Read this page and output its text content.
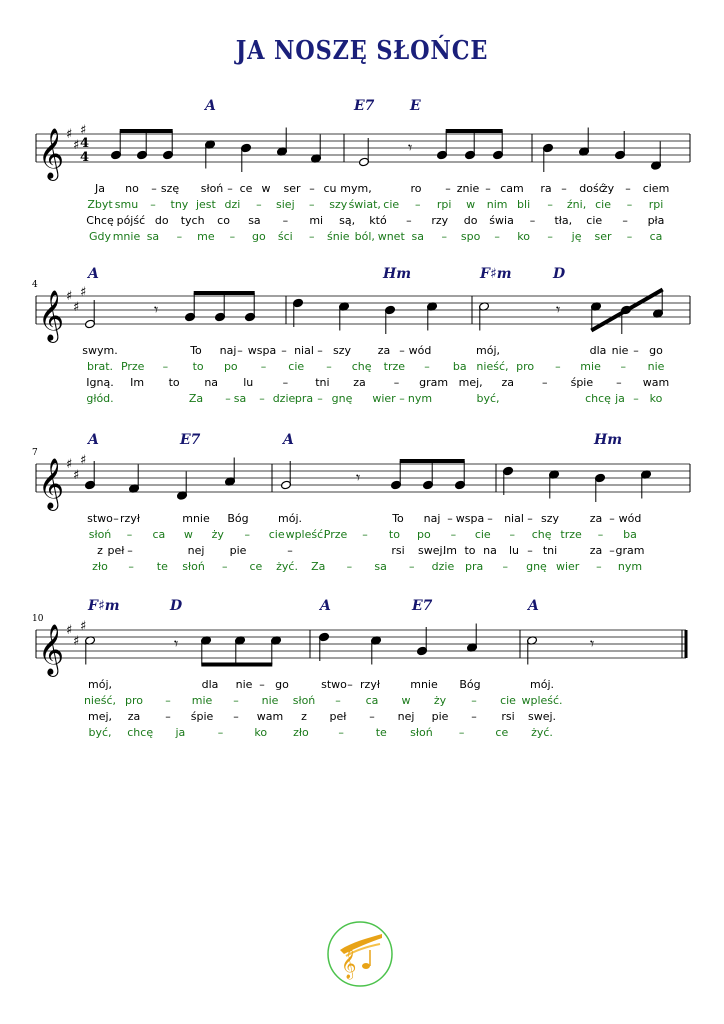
JA NOSZĘ SŁOŃCE
𝄞
𝄞 ♯
♯
♯
4
4
𝄾
A	E7	E
Ja no – szę słoń – ce w ser – cu mym,	ro – znie – cam ra – dość
ży – ciem
Zbyt smu – tny jest dzi – siej – szy świat, cie – rpi w nim bli – źni, cie – rpi
Chcę pójść do tych co sa – mi są, któ – rzy do świa – tła, cie – pła
Gdy mnie sa – me – go ści – śnie ból, wnet sa – spo – ko – ję ser – ca
𝄞 ♯
♯
♯
𝄾	𝄾
4
A	Hm	F♯m	D
swym.	To naj – wspa – nial – szy za – wód	mój,	dla nie – go
brat. Prze – to po – cie – chę trze – ba nieść, pro – mie – nie
Igną. Im to na lu	– tni za	– gram mej, za	– śpie – wam
głód.	Za – sa – dzie pra – gnę wier – nym	być,	chcę ja – ko
𝄞 ♯
♯
♯
𝄾
7
A	E7	A	Hm
stwo – rzył	mnie Bóg	mój.	To naj – wspa – nial – szy	za – wód
słoń – ca w ży – cie wpleść.
Prze – to po – cie – chę trze – ba
z peł –	nej pie	–	rsi swej.
Im to na lu – tni	za – gram
zło – te słoń – ce żyć. Za – sa – dzie pra – gnę wier – nym
𝄞 ♯
♯
♯
𝄾	𝄾
10
F♯m	D	A	E7	A
mój,	dla nie – go	stwo – rzył	mnie Bóg	mój.
nieść, pro – mie – nie słoń – ca w ży – cie wpleść.
mej, za – śpie – wam z peł – nej pie – rsi swej.
być, chcę ja	–	ko zło	–	te słoń –	ce żyć.
